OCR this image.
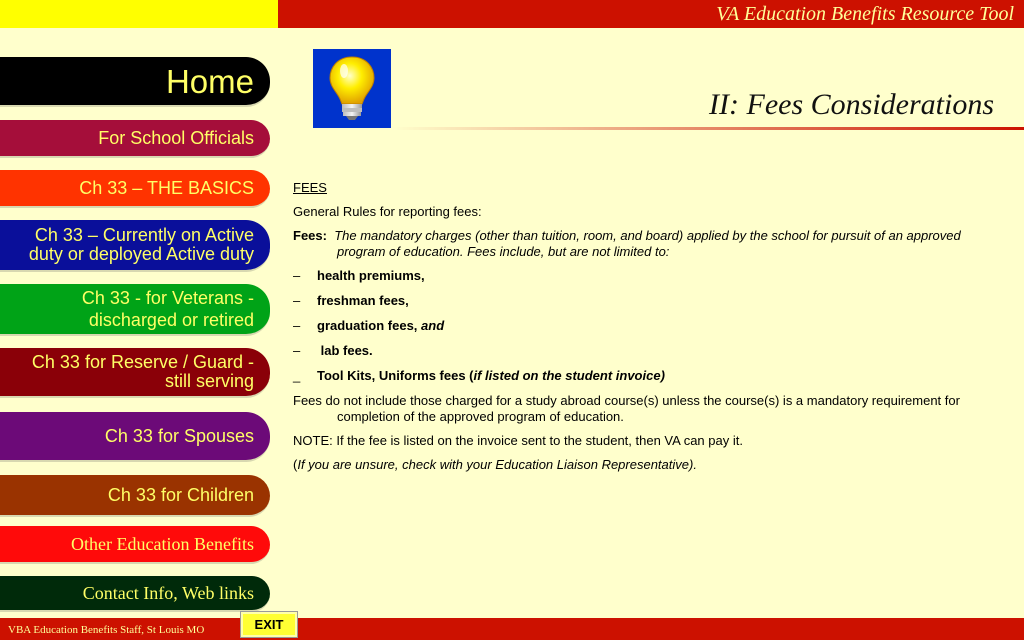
VA Education Benefits Resource Tool
Home
For School Officials
Ch 33 – THE BASICS
Ch 33 – Currently on Active
duty or deployed Active duty
Ch 33 - for Veterans -
discharged or retired
Ch 33 for Reserve / Guard -
still serving
Ch 33 for Spouses
Ch 33 for Children
Other Education Benefits
Contact Info, Web links
II: Fees Considerations

FEES

General Rules for reporting fees:

Fees: The mandatory charges (other than tuition, room, and board) applied by the school for pursuit of an approved program of education. Fees include, but are not limited to:

–	health premiums,
–	freshman fees,
–	graduation fees, and
–	lab fees.
_	Tool Kits, Uniforms fees (if listed on the student invoice)

Fees do not include those charged for a study abroad course(s) unless the course(s) is a mandatory requirement for completion of the approved program of education.

NOTE: If the fee is listed on the invoice sent to the student, then VA can pay it.

(If you are unsure, check with your Education Liaison Representative).

VBA Education Benefits Staff, St Louis MO	EXIT
